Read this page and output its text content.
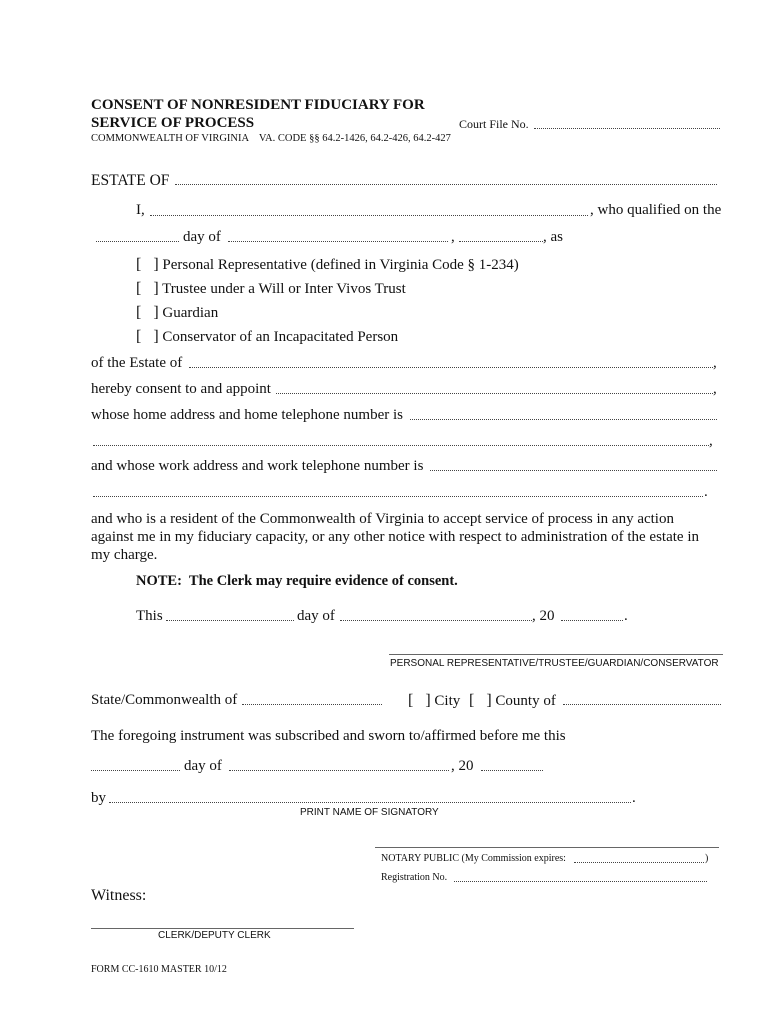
CONSENT OF NONRESIDENT FIDUCIARY FOR
SERVICE OF PROCESS
COMMONWEALTH OF VIRGINIA    VA. CODE §§ 64.2-1426, 64.2-426, 64.2-427
Court File No.
ESTATE OF
I,	, who qualified on the
day of	,	, as
[   ] Personal Representative (defined in Virginia Code § 1-234)
[   ] Trustee under a Will or Inter Vivos Trust
[   ] Guardian
[   ] Conservator of an Incapacitated Person
of the Estate of	,
hereby consent to and appoint	,
whose home address and home telephone number is
,
and whose work address and work telephone number is
.
and who is a resident of the Commonwealth of Virginia to accept service of process in any action
against me in my fiduciary capacity, or any other notice with respect to administration of the estate in
my charge.
NOTE:  The Clerk may require evidence of consent.
This	day of	, 20	.
PERSONAL REPRESENTATIVE/TRUSTEE/GUARDIAN/CONSERVATOR
State/Commonwealth of	[   ] City [   ] County of
The foregoing instrument was subscribed and sworn to/affirmed before me this
day of	, 20
by	.
PRINT NAME OF SIGNATORY
NOTARY PUBLIC (My Commission expires:	)
Registration No.
Witness:
CLERK/DEPUTY CLERK
FORM CC-1610 MASTER 10/12
